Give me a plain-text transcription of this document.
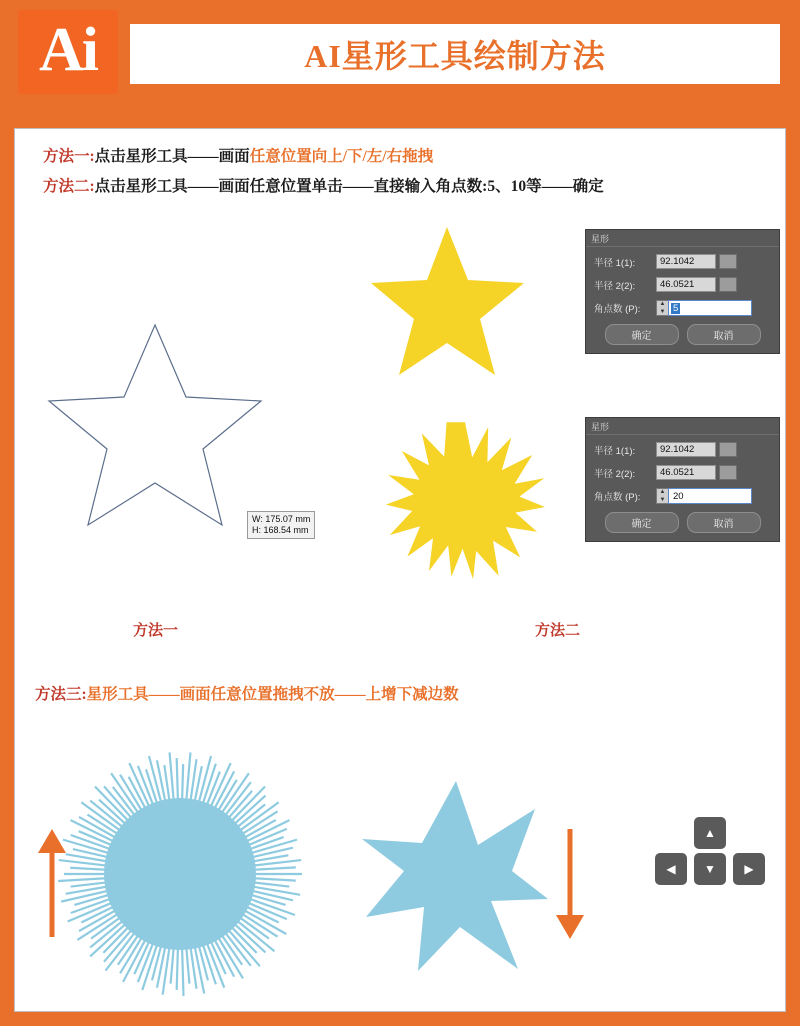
Ai	AI星形工具绘制方法
方法一:点击星形工具——画面任意位置向上/下/左/右拖拽
方法二:点击星形工具——画面任意位置单击——直接输入角点数:5、10等——确定
方法三:星形工具——画面任意位置拖拽不放——上增下减边数
方法一	方法二
W: 175.07 mm
H: 168.54 mm
星形
半径 1(1):	92.1042
半径 2(2):	46.0521
角点数 (P):	▲
▼ 5
确定	取消
星形
半径 1(1):	92.1042
半径 2(2):	46.0521
角点数 (P):	▲
▼ 20
确定	取消
▲
◀	▼	▶
